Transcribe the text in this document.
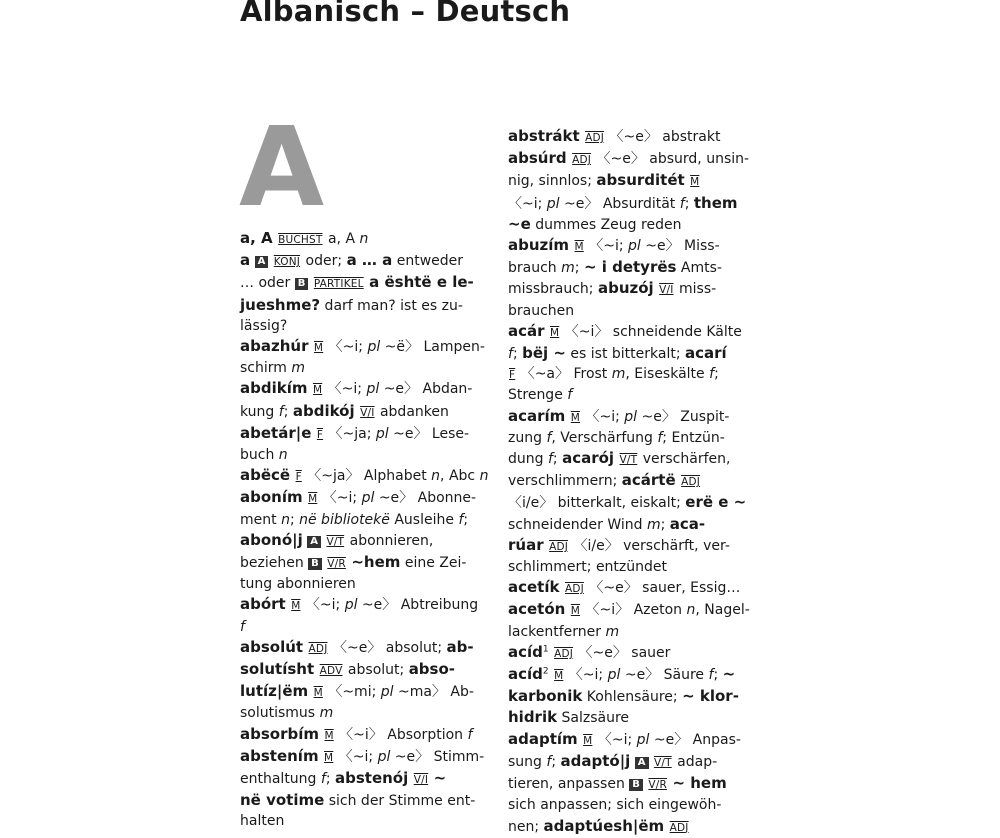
Albanisch – Deutsch
A
a, A BUCHST a, A n
a A KONJ oder; a … a entweder
… oder B PARTIKEL a është e le-
jueshme? darf man? ist es zu-
lässig?
abazhúr M 〈~i; pl ~ë〉 Lampen-
schirm m
abdikím M 〈~i; pl ~e〉 Abdan-
kung f; abdikój V/I abdanken
abetár|e F 〈~ja; pl ~e〉 Lese-
buch n
abëcë F 〈~ja〉 Alphabet n, Abc n
aboním M 〈~i; pl ~e〉 Abonne-
ment n; në bibliotekë Ausleihe f;
abonó|j A V/T abonnieren,
beziehen B V/R ~hem eine Zei-
tung abonnieren
abórt M 〈~i; pl ~e〉 Abtreibung
f
absolút ADJ 〈~e〉 absolut; ab-
solutísht ADV absolut; abso-
lutíz|ëm M 〈~mi; pl ~ma〉 Ab-
solutismus m
absorbím M 〈~i〉 Absorption f
abstením M 〈~i; pl ~e〉 Stimm-
enthaltung f; abstenój V/I ~
në votime sich der Stimme ent-
halten
abstrákt ADJ 〈~e〉 abstrakt
absúrd ADJ 〈~e〉 absurd, unsin-
nig, sinnlos; absurditét M
〈~i; pl ~e〉 Absurdität f; them
~e dummes Zeug reden
abuzím M 〈~i; pl ~e〉 Miss-
brauch m; ~ i detyrës Amts-
missbrauch; abuzój V/I miss-
brauchen
acár M 〈~i〉 schneidende Kälte
f; bëj ~ es ist bitterkalt; acarí
F 〈~a〉 Frost m, Eiseskälte f;
Strenge f
acarím M 〈~i; pl ~e〉 Zuspit-
zung f, Verschärfung f; Entzün-
dung f; acarój V/T verschärfen,
verschlimmern; acártë ADJ
〈i/e〉 bitterkalt, eiskalt; erë e ~
schneidender Wind m; aca-
rúar ADJ 〈i/e〉 verschärft, ver-
schlimmert; entzündet
acetík ADJ 〈~e〉 sauer, Essig…
acetón M 〈~i〉 Azeton n, Nagel-
lackentferner m
acíd$^1$ ADJ 〈~e〉 sauer
acíd$^2$ M 〈~i; pl ~e〉 Säure f; ~
karbonik Kohlensäure; ~ klor-
hidrik Salzsäure
adaptím M 〈~i; pl ~e〉 Anpas-
sung f; adaptó|j A V/T adap-
tieren, anpassen B V/R ~ hem
sich anpassen; sich eingewöh-
nen; adaptúesh|ëm ADJ
